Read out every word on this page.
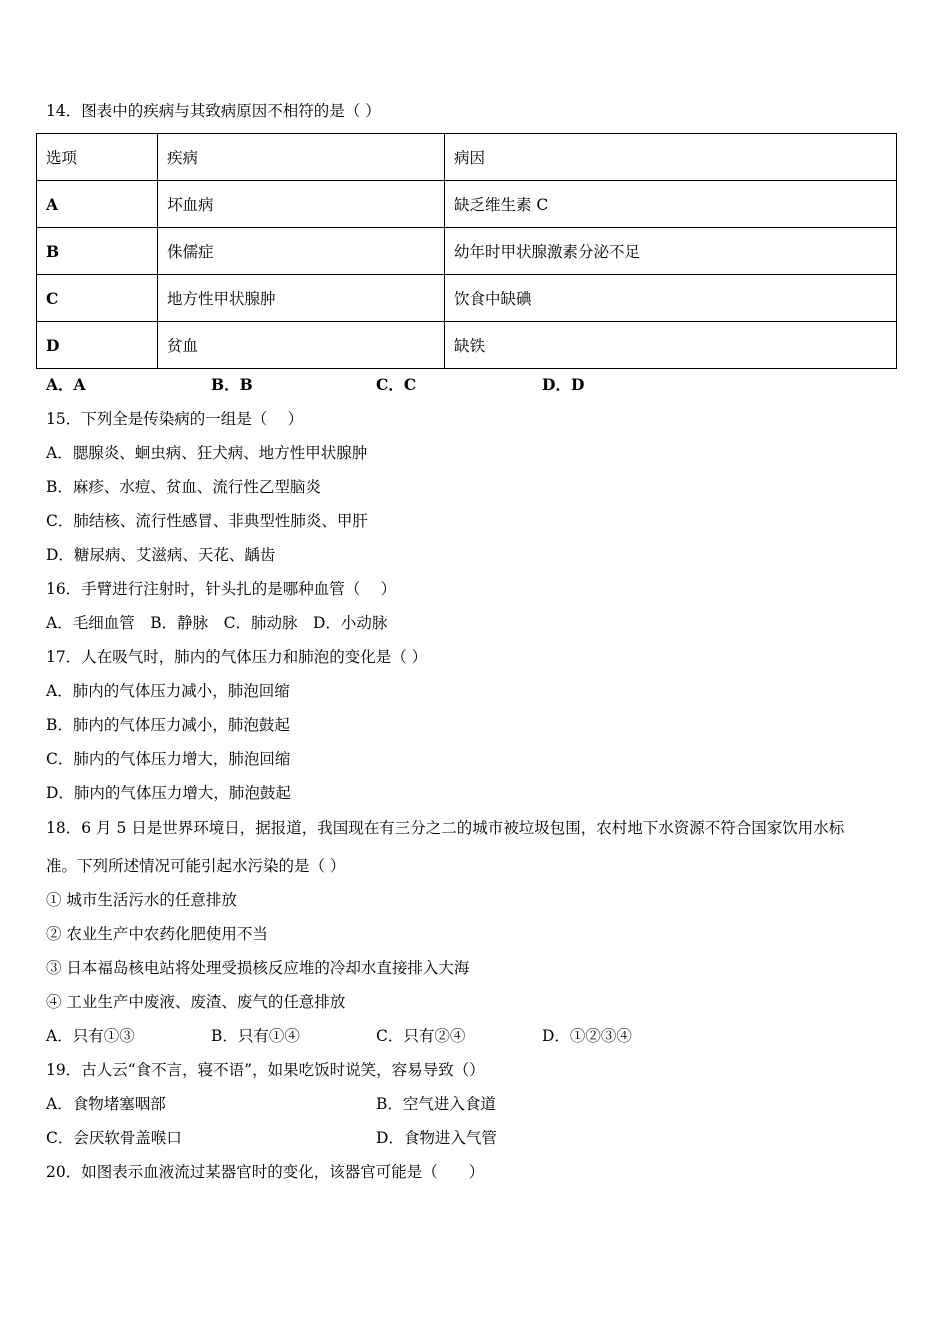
14．图表中的疾病与其致病原因不相符的是（ ）
选项	疾病	病因
A	坏血病	缺乏维生素 C
B	侏儒症	幼年时甲状腺激素分泌不足
C	地方性甲状腺肿	饮食中缺碘
D	贫血	缺铁
A．A	B．B	C．C	D．D
15．下列全是传染病的一组是（　 ）
A．腮腺炎、蛔虫病、狂犬病、地方性甲状腺肿
B．麻疹、水痘、贫血、流行性乙型脑炎
C．肺结核、流行性感冒、非典型性肺炎、甲肝
D．糖尿病、艾滋病、天花、龋齿
16．手臂进行注射时，针头扎的是哪种血管（　 ）
A．毛细血管　B．静脉　C．肺动脉　D．小动脉
17．人在吸气时，肺内的气体压力和肺泡的变化是（ ）
A．肺内的气体压力减小，肺泡回缩
B．肺内的气体压力减小，肺泡鼓起
C．肺内的气体压力增大，肺泡回缩
D．肺内的气体压力增大，肺泡鼓起
18．6 月 5 日是世界环境日，据报道，我国现在有三分之二的城市被垃圾包围，农村地下水资源不符合国家饮用水标
准。下列所述情况可能引起水污染的是（ ）
① 城市生活污水的任意排放
② 农业生产中农药化肥使用不当
③ 日本福岛核电站将处理受损核反应堆的冷却水直接排入大海
④ 工业生产中废液、废渣、废气的任意排放
A．只有①③	B．只有①④	C．只有②④	D．①②③④
19．古人云“食不言，寝不语”，如果吃饭时说笑，容易导致（）
A．食物堵塞咽部	B．空气进入食道
C．会厌软骨盖喉口	D．食物进入气管
20．如图表示血液流过某器官时的变化，该器官可能是（　　）
